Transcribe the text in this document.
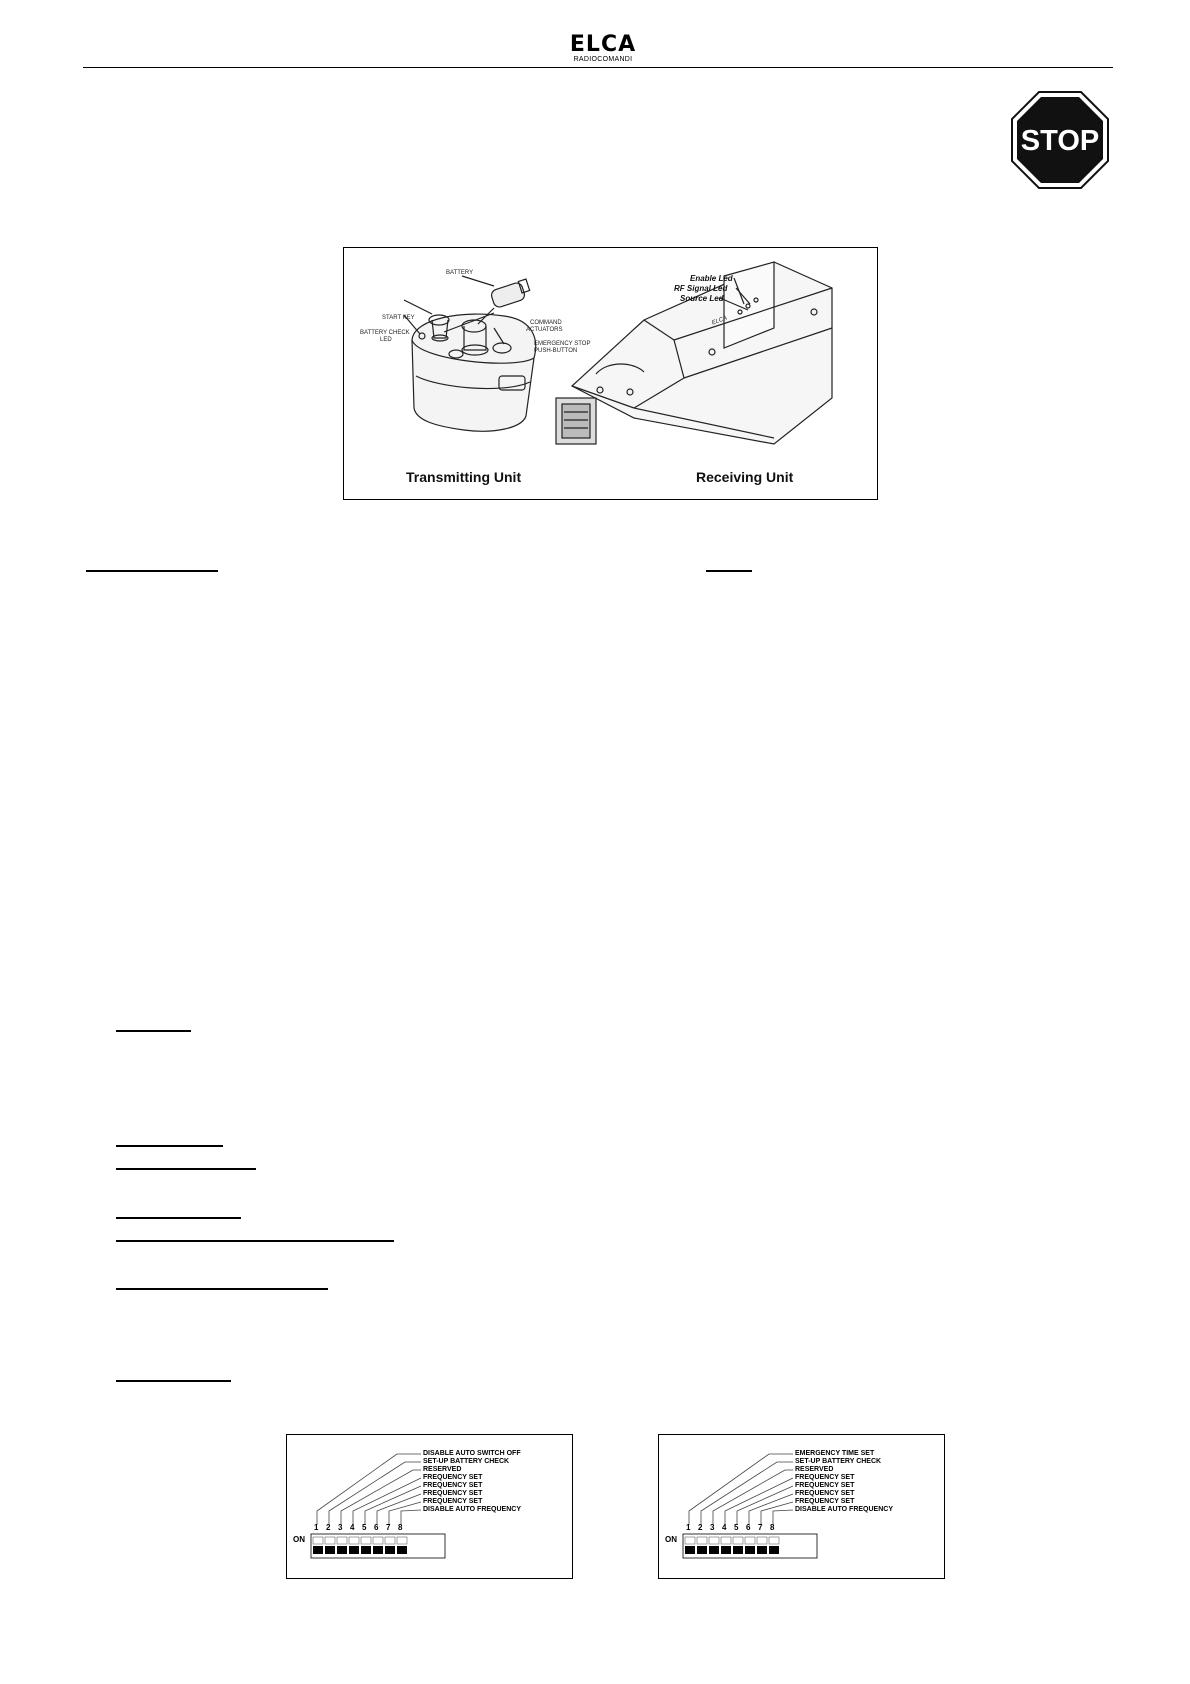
ELCA
RADIOCOMANDI
STOP
BATTERY
START KEY
BATTERY CHECK
LED
COMMAND
ACTUATORS
EMERGENCY STOP
PUSH-BUTTON
Enable Led
RF Signal Led
Source Led
ELCA
Transmitting Unit	Receiving Unit
DISABLE AUTO SWITCH OFF
SET-UP BATTERY CHECK
RESERVED
FREQUENCY SET
FREQUENCY SET
FREQUENCY SET
FREQUENCY SET
DISABLE AUTO FREQUENCY
1 2 3 4 5 6 7 8
ON
EMERGENCY TIME SET
SET-UP BATTERY CHECK
RESERVED
FREQUENCY SET
FREQUENCY SET
FREQUENCY SET
FREQUENCY SET
DISABLE AUTO FREQUENCY
1 2 3 4 5 6 7 8
ON
